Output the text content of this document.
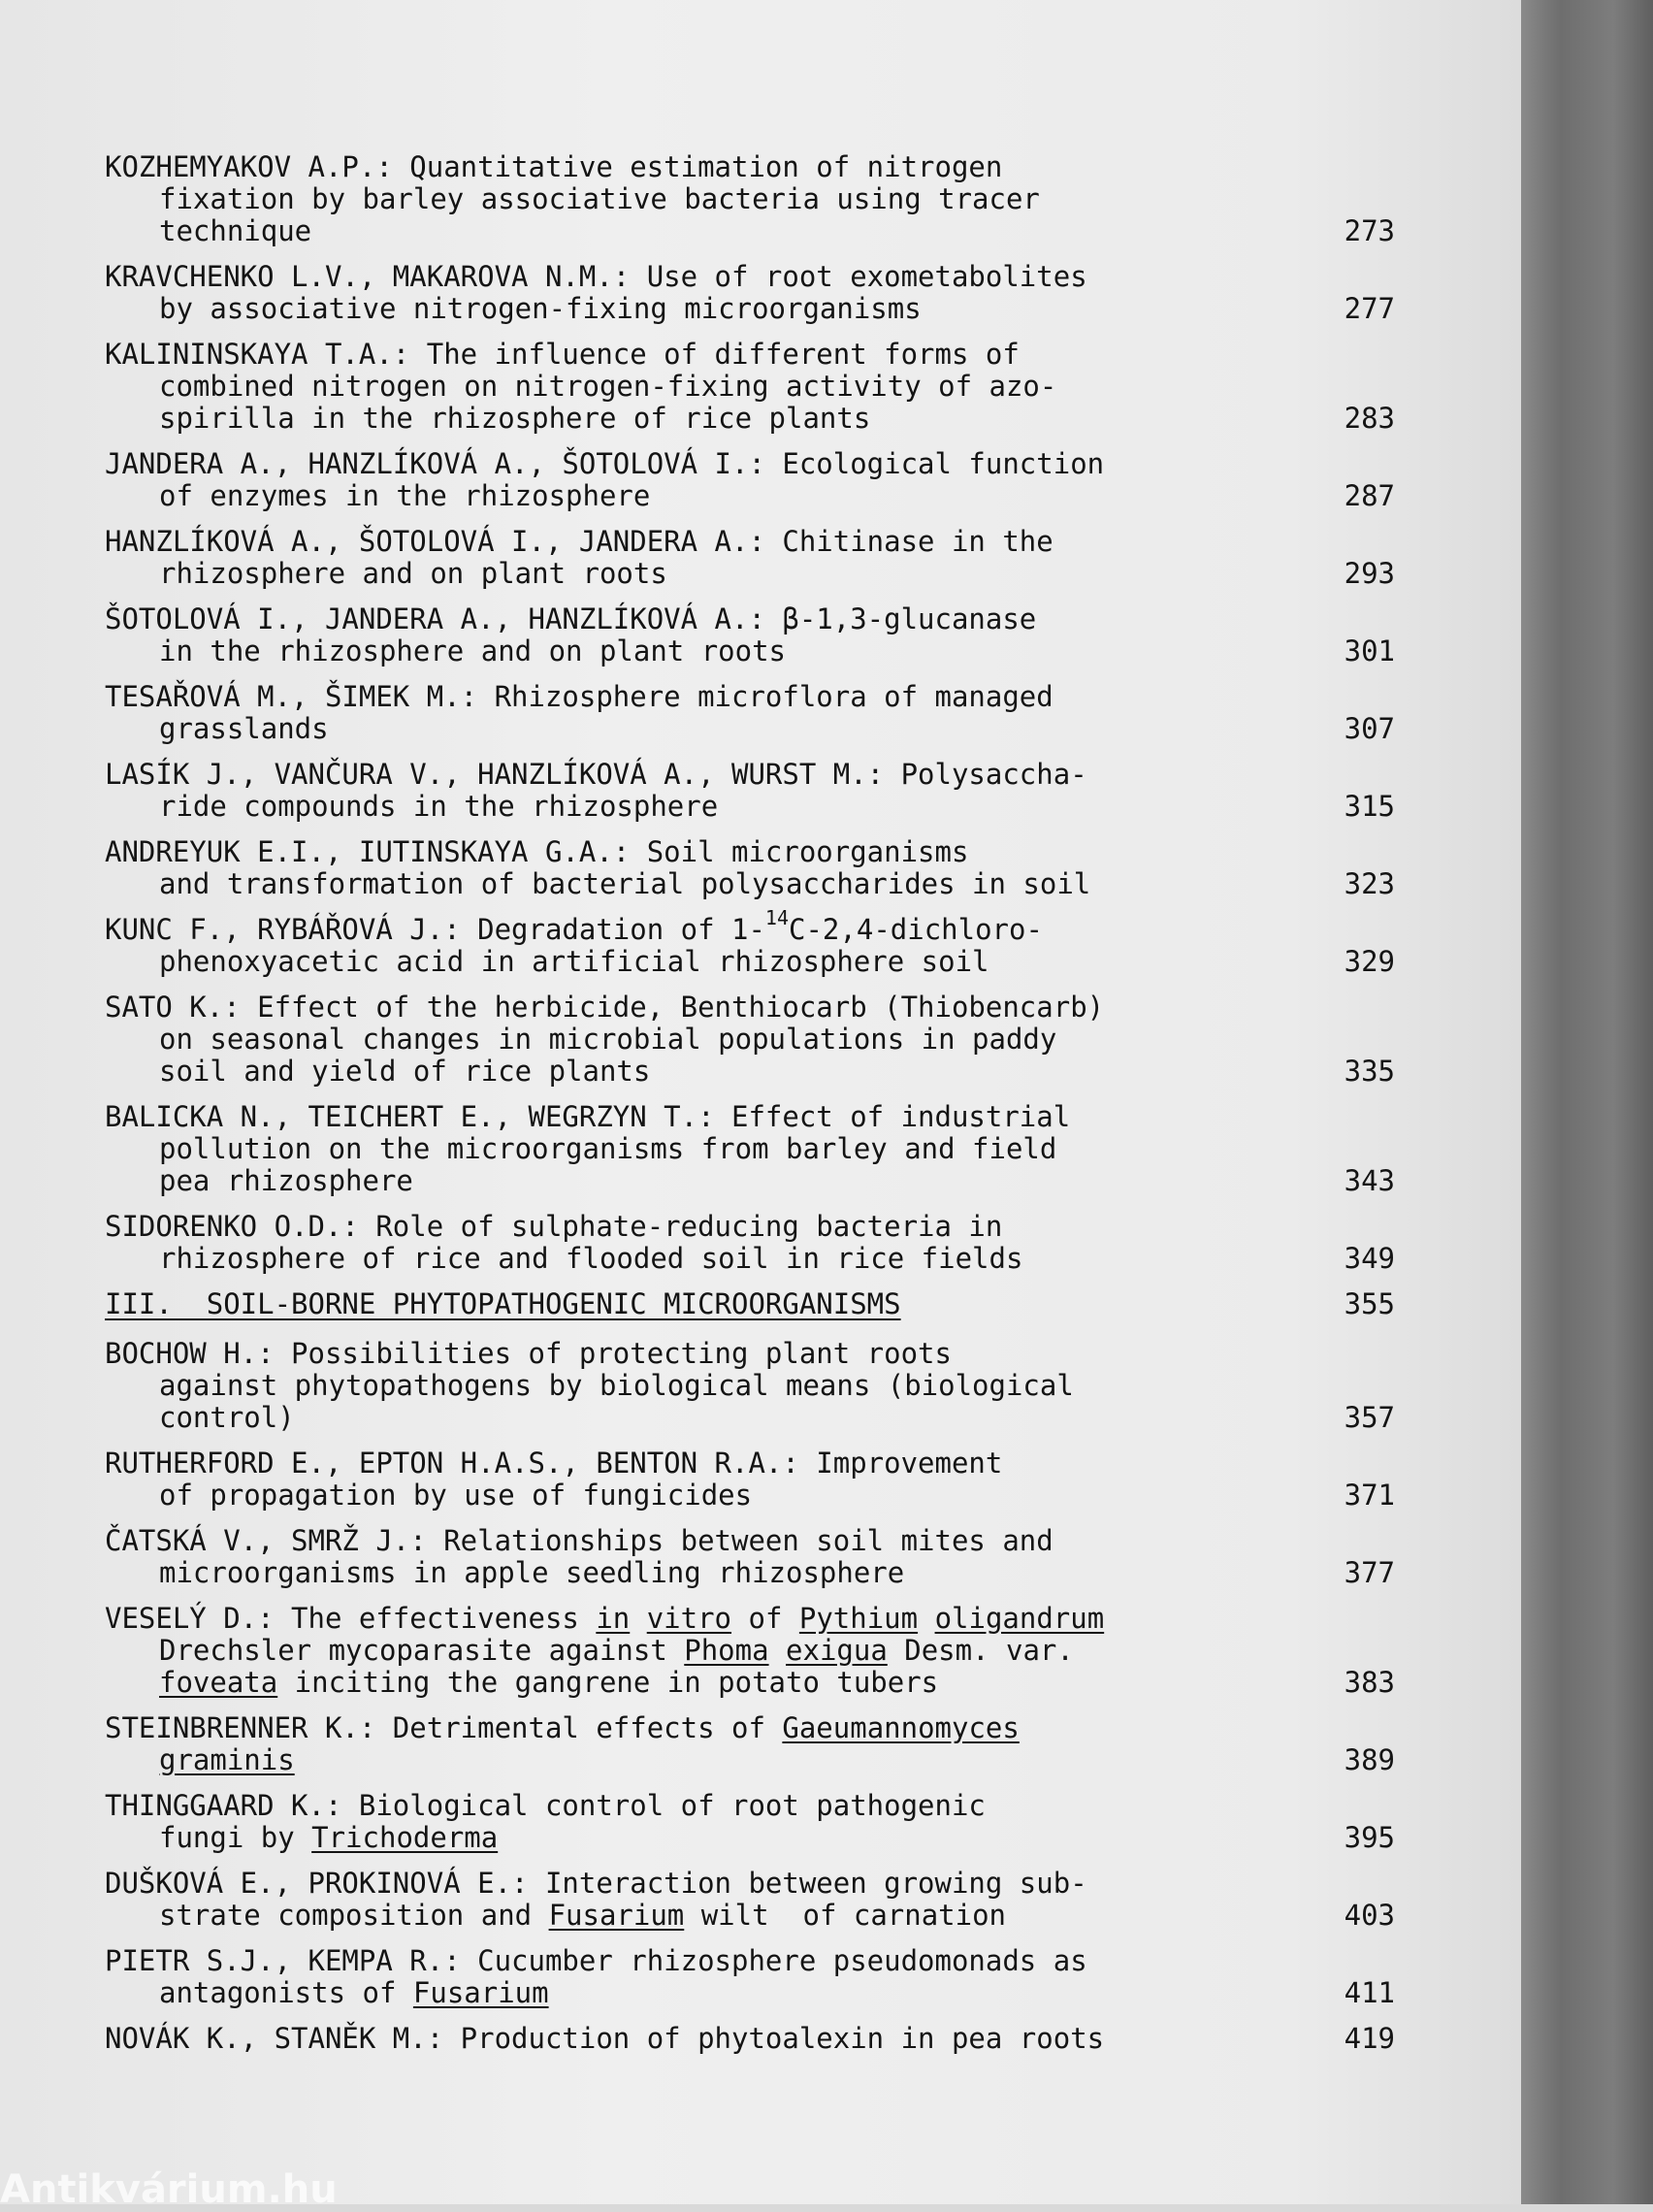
KOZHEMYAKOV A.P.: Quantitative estimation of nitrogen
fixation by barley associative bacteria using tracer
technique	273
KRAVCHENKO L.V., MAKAROVA N.M.: Use of root exometabolites
by associative nitrogen-fixing microorganisms	277
KALININSKAYA T.A.: The influence of different forms of
combined nitrogen on nitrogen-fixing activity of azo-
spirilla in the rhizosphere of rice plants	283
JANDERA A., HANZLÍKOVÁ A., ŠOTOLOVÁ I.: Ecological function
of enzymes in the rhizosphere	287
HANZLÍKOVÁ A., ŠOTOLOVÁ I., JANDERA A.: Chitinase in the
rhizosphere and on plant roots	293
ŠOTOLOVÁ I., JANDERA A., HANZLÍKOVÁ A.: β-1,3-glucanase
in the rhizosphere and on plant roots	301
TESAŘOVÁ M., ŠIMEK M.: Rhizosphere microflora of managed
grasslands	307
LASÍK J., VANČURA V., HANZLÍKOVÁ A., WURST M.: Polysaccha-
ride compounds in the rhizosphere	315
ANDREYUK E.I., IUTINSKAYA G.A.: Soil microorganisms
and transformation of bacterial polysaccharides in soil	323
KUNC F., RYBÁŘOVÁ J.: Degradation of 1-$^{14}$C-2,4-dichloro-
phenoxyacetic acid in artificial rhizosphere soil	329
SATO K.: Effect of the herbicide, Benthiocarb (Thiobencarb)
on seasonal changes in microbial populations in paddy
soil and yield of rice plants	335
BALICKA N., TEICHERT E., WEGRZYN T.: Effect of industrial
pollution on the microorganisms from barley and field
pea rhizosphere	343
SIDORENKO O.D.: Role of sulphate-reducing bacteria in
rhizosphere of rice and flooded soil in rice fields	349
III.  SOIL-BORNE PHYTOPATHOGENIC MICROORGANISMS	355
BOCHOW H.: Possibilities of protecting plant roots
against phytopathogens by biological means (biological
control)	357
RUTHERFORD E., EPTON H.A.S., BENTON R.A.: Improvement
of propagation by use of fungicides	371
ČATSKÁ V., SMRŽ J.: Relationships between soil mites and
microorganisms in apple seedling rhizosphere	377
VESELÝ D.: The effectiveness in vitro of Pythium oligandrum
Drechsler mycoparasite against Phoma exigua Desm. var.
foveata inciting the gangrene in potato tubers	383
STEINBRENNER K.: Detrimental effects of Gaeumannomyces
graminis	389
THINGGAARD K.: Biological control of root pathogenic
fungi by Trichoderma	395
DUŠKOVÁ E., PROKINOVÁ E.: Interaction between growing sub-
strate composition and Fusarium wilt  of carnation	403
PIETR S.J., KEMPA R.: Cucumber rhizosphere pseudomonads as
antagonists of Fusarium	411
NOVÁK K., STANĚK M.: Production of phytoalexin in pea roots	419
Antikvárium.hu
